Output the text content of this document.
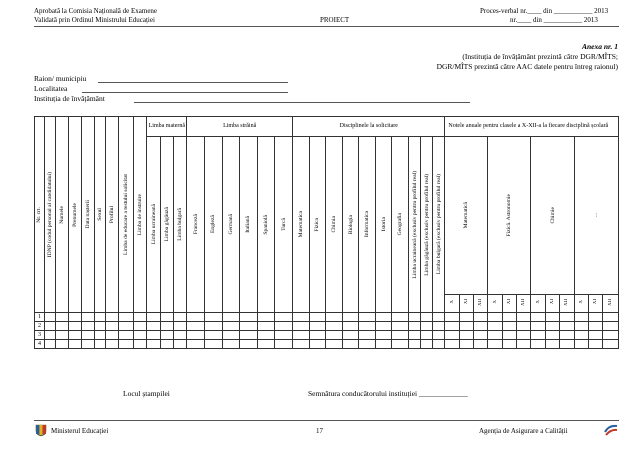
Aprobată la Comisia Națională de Examene
Validată prin Ordinul Ministrului Educației	PROIECT
Proces-verbal nr.____ din ___________ 2013
nr.____ din ___________ 2013
Anexa nr. 1
(Instituția de învățământ prezintă către DGR/MÎTS;
DGR/MÎTS prezintă către AAC datele pentru întreg raionul)
Raion/ municipiu
Localitatea
Instituția de învățământ
Nr. crt.	IDNP (codul personal al candidatului)	Numele	Prenumele	Data nașterii	Sexul	Profilul	Limba de educare a testului solicitat	Limba de instruire	Limba maternă			Limba străină						Disciplinele la solicitare										Notele anuale pentru clasele a X-XII-a la fiecare disciplină școlară											

									Limba ucraineană	Limba găgăuză	Limba bulgară	Franceză	Engleză	Germană	Italiană	Spaniolă	Turcă	Matematica	Fizica	Chimia	Biologia	Informatica	Istoria	Geografia	Limba ucraineană (exclusiv pentru profilul real)	Limba găgăuză (exclusiv pentru profilul real)	Limba bulgară (exclusiv pentru profilul real)	Matematică			Fizică. Astronomie			Chimie			...		

																												X	XI	XII	X	XI	XII	X	XI	XII	X	XI	XII
1																																							
2																																							
3																																							
4																																							
Locul ștampilei	Semnătura conducătorului instituției _____________
Ministerul Educației	17	Agenția de Asigurare a Calității
